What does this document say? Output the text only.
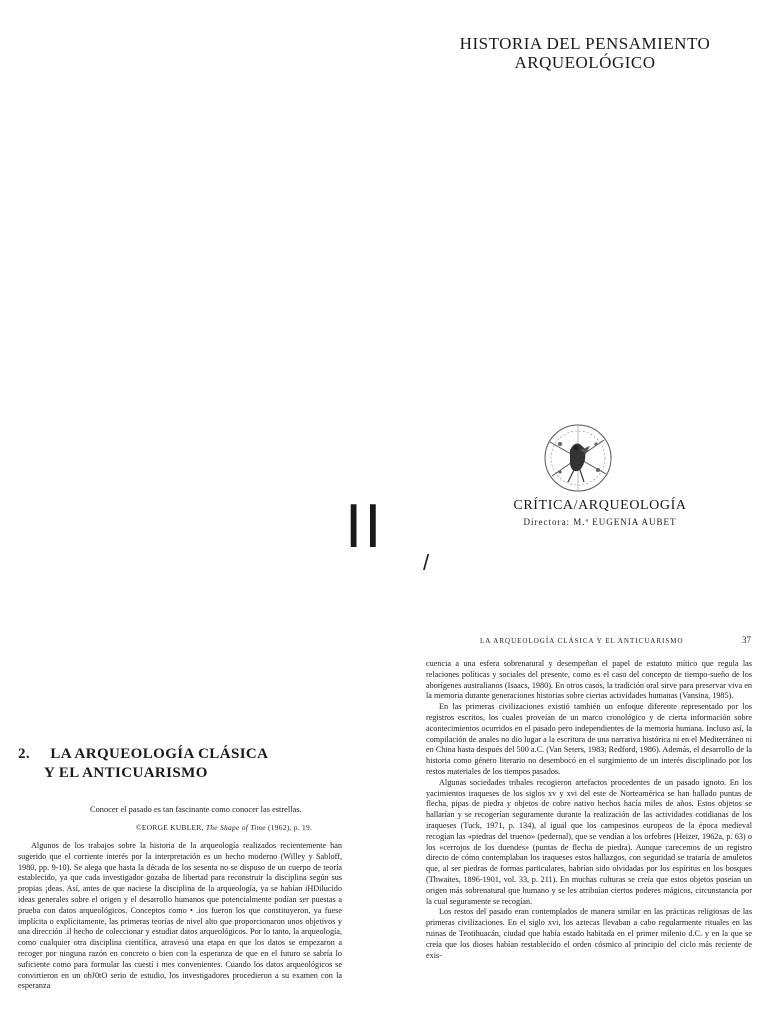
HISTORIA DEL PENSAMIENTO
ARQUEOLÓGICO
CRÍTICA/ARQUEOLOGÍA
Directora: M.ª EUGENIA AUBET
II
/
LA ARQUEOLOGÍA CLÁSICA Y EL ANTICUARISMO	37

cuencia a una esfera sobrenatural y desempeñan el papel de estatuto mítico que regula las relaciones políticas y sociales del presente, como es el caso del concepto de tiempo-sueño de los aborígenes australianos (Isaacs, 1980). En otros casos, la tradición oral sirve para preservar viva en la memoria durante generaciones historias sobre ciertas actividades humanas (Vansina, 1985).

En las primeras civilizaciones existió también un enfoque diferente representado por los registros escritos, los cuales proveían de un marco cronológico y de cierta información sobre acontecimientos ocurridos en el pasado pero independientes de la memoria humana. Incluso así, la compilación de anales no dio lugar a la escritura de una narrativa histórica ni en el Mediterráneo ni en China hasta después del 500 a.C. (Van Seters, 1983; Redford, 1986). Además, el desarrollo de la historia como género literario no desembocó en el surgimiento de un interés disciplinado por los restos materiales de los tiempos pasados.

Algunas sociedades tribales recogieron artefactos procedentes de un pasado ignoto. En los yacimientos iraqueses de los siglos xv y xvi del este de Norteamérica se han hallado puntas de flecha, pipas de piedra y objetos de cobre nativo hechos hacía miles de años. Estos objetos se hallarían y se recogerían seguramente durante la realización de las actividades cotidianas de los iraqueses (Tuck, 1971, p. 134), al igual que los campesinos europeos de la época medieval recogían las «piedras del trueno» (pedernal), que se vendían a los orfebres (Heizer, 1962a, p. 63) o los «cerrojos de los duendes» (puntas de flecha de piedra). Aunque carecemos de un registro directo de cómo contemplaban los iraqueses estos hallazgos, con seguridad se trataría de amuletos que, al ser piedras de formas particulares, habrían sido olvidadas por los espíritus en los bosques (Thwaites, 1896-1901, vol. 33, p. 211). En muchas culturas se creía que estos objetos poseían un origen más sobrenatural que humano y se les atribuían ciertos poderes mágicos, circunstancia por la cual seguramente se recogían.

Los restos del pasado eran contemplados de manera similar en las prácticas religiosas de las primeras civilizaciones. En el siglo xvi, los aztecas llevaban a cabo regularmente rituales en las ruinas de Teotihuacán, ciudad que había estado habitada en el primer milenio d.C. y en la que se creía que los dioses habían restablecido el orden cósmico al principio del ciclo más reciente de exis-

2. LA ARQUEOLOGÍA CLÁSICA
Y EL ANTICUARISMO
Conocer el pasado es tan fascinante como conocer las estrellas.
©EORGE KUBLER, The Shape of Time (1962), p. 19.

Algunos de los trabajos sobre la historia de la arqueología realizados recientemente han sugerido que el corriente interés por la interpretación es un hecho moderno (Willey y Sabloff, 1980, pp. 9-10). Se alega que hasta la década de los sesenta no se dispuso de un cuerpo de teoría establecido, ya que cada investigador gozaba de libertad para reconstruir la disciplina según sus propias ¡deas. Así, antes de que naciese la disciplina de la arqueología, ya se habían iHDilucido ideas generales sobre el origen y el desarrollo humanos que potencialmente podían ser puestas a prueba con datos arqueológicos. Conceptos como • .ios fueron los que constituyeron, ya fuese implícita o explícitamente, las primeras teorías de nivel alto que proporcionaron unos objetivos y una dirección .il hecho de coleccionar y estudiar datos arqueológicos. Por lo tanto, la arqueología, como cualquier otra disciplina científica, atravesó una etapa en que los datos se empezaron a recoger por ninguna razón en concreto o bien con la esperanza de que en el futuro se sabría lo suficiente como para formular las cuestí i mes convenientes. Cuando los datos arqueológicos se convirtieron en un obJ0tO serio de estudio, los investigadores procedieron a su examen con la esperanza
